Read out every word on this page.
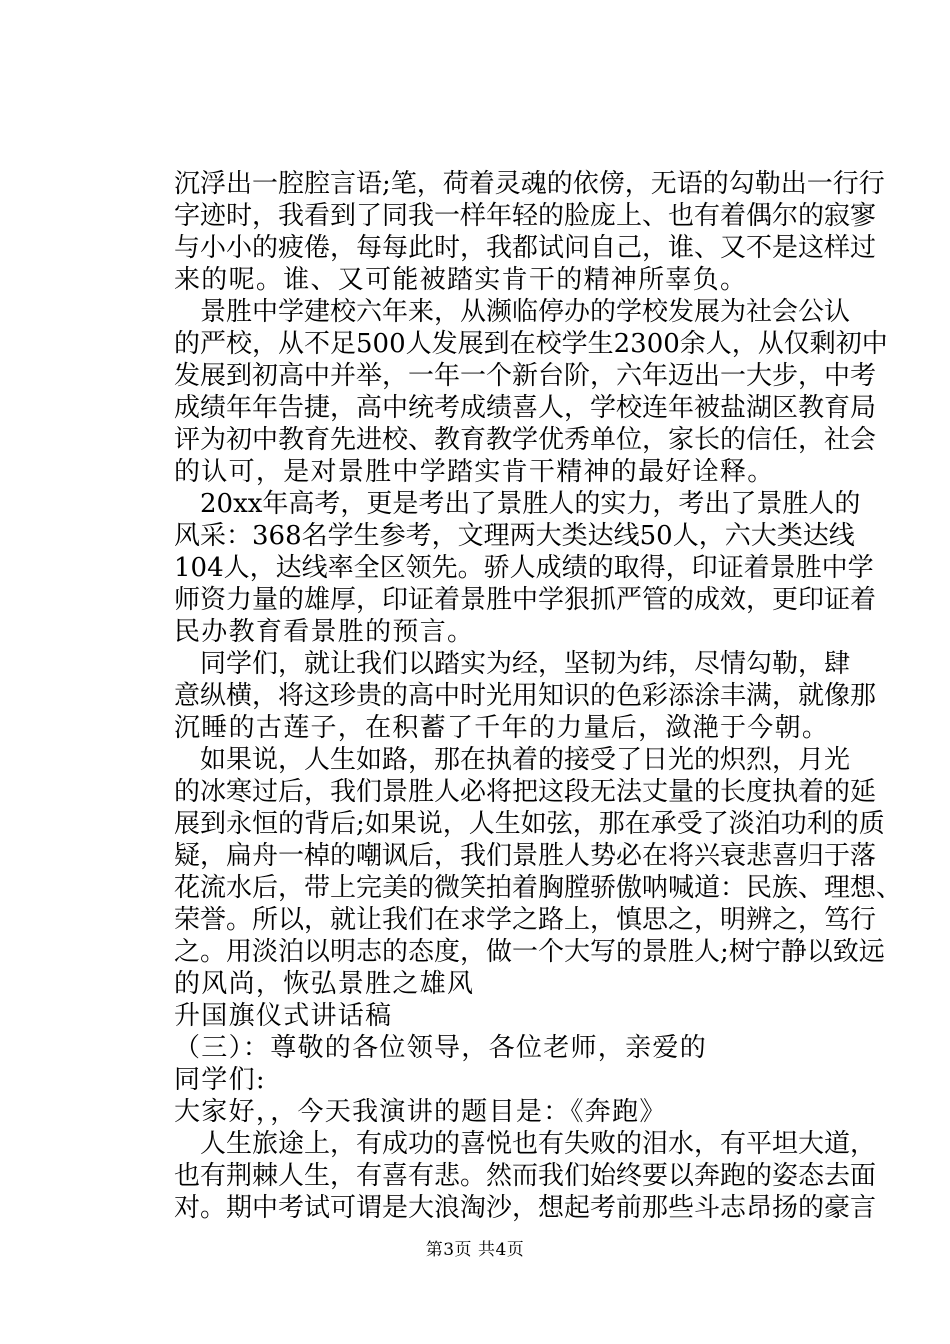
沉浮出一腔腔言语;笔，荷着灵魂的依傍，无语的勾勒出一行行
字迹时，我看到了同我一样年轻的脸庞上、也有着偶尔的寂寥
与小小的疲倦，每每此时，我都试问自己，谁、又不是这样过
来的呢。谁、又可能被踏实肯干的精神所辜负。
　景胜中学建校六年来，从濒临停办的学校发展为社会公认
的严校，从不足500人发展到在校学生2300余人，从仅剩初中
发展到初高中并举，一年一个新台阶，六年迈出一大步，中考
成绩年年告捷，高中统考成绩喜人，学校连年被盐湖区教育局
评为初中教育先进校、教育教学优秀单位，家长的信任，社会
的认可，是对景胜中学踏实肯干精神的最好诠释。
　20xx年高考，更是考出了景胜人的实力，考出了景胜人的
风采：368名学生参考，文理两大类达线50人，六大类达线
104人，达线率全区领先。骄人成绩的取得，印证着景胜中学
师资力量的雄厚，印证着景胜中学狠抓严管的成效，更印证着
民办教育看景胜的预言。
　同学们，就让我们以踏实为经，坚韧为纬，尽情勾勒，肆
意纵横，将这珍贵的高中时光用知识的色彩添涂丰满，就像那
沉睡的古莲子，在积蓄了千年的力量后，潋滟于今朝。
　如果说，人生如路，那在执着的接受了日光的炽烈，月光
的冰寒过后，我们景胜人必将把这段无法丈量的长度执着的延
展到永恒的背后;如果说，人生如弦，那在承受了淡泊功利的质
疑，扁舟一棹的嘲讽后，我们景胜人势必在将兴衰悲喜归于落
花流水后，带上完美的微笑拍着胸膛骄傲呐喊道：民族、理想、
荣誉。所以，就让我们在求学之路上，慎思之，明辨之，笃行
之。用淡泊以明志的态度，做一个大写的景胜人;树宁静以致远
的风尚，恢弘景胜之雄风
升国旗仪式讲话稿
（三）：尊敬的各位领导，各位老师，亲爱的
同学们:
大家好，，今天我演讲的题目是：《奔跑》
　人生旅途上，有成功的喜悦也有失败的泪水，有平坦大道，
也有荆棘人生，有喜有悲。然而我们始终要以奔跑的姿态去面
对。期中考试可谓是大浪淘沙，想起考前那些斗志昂扬的豪言
第3页 共4页
